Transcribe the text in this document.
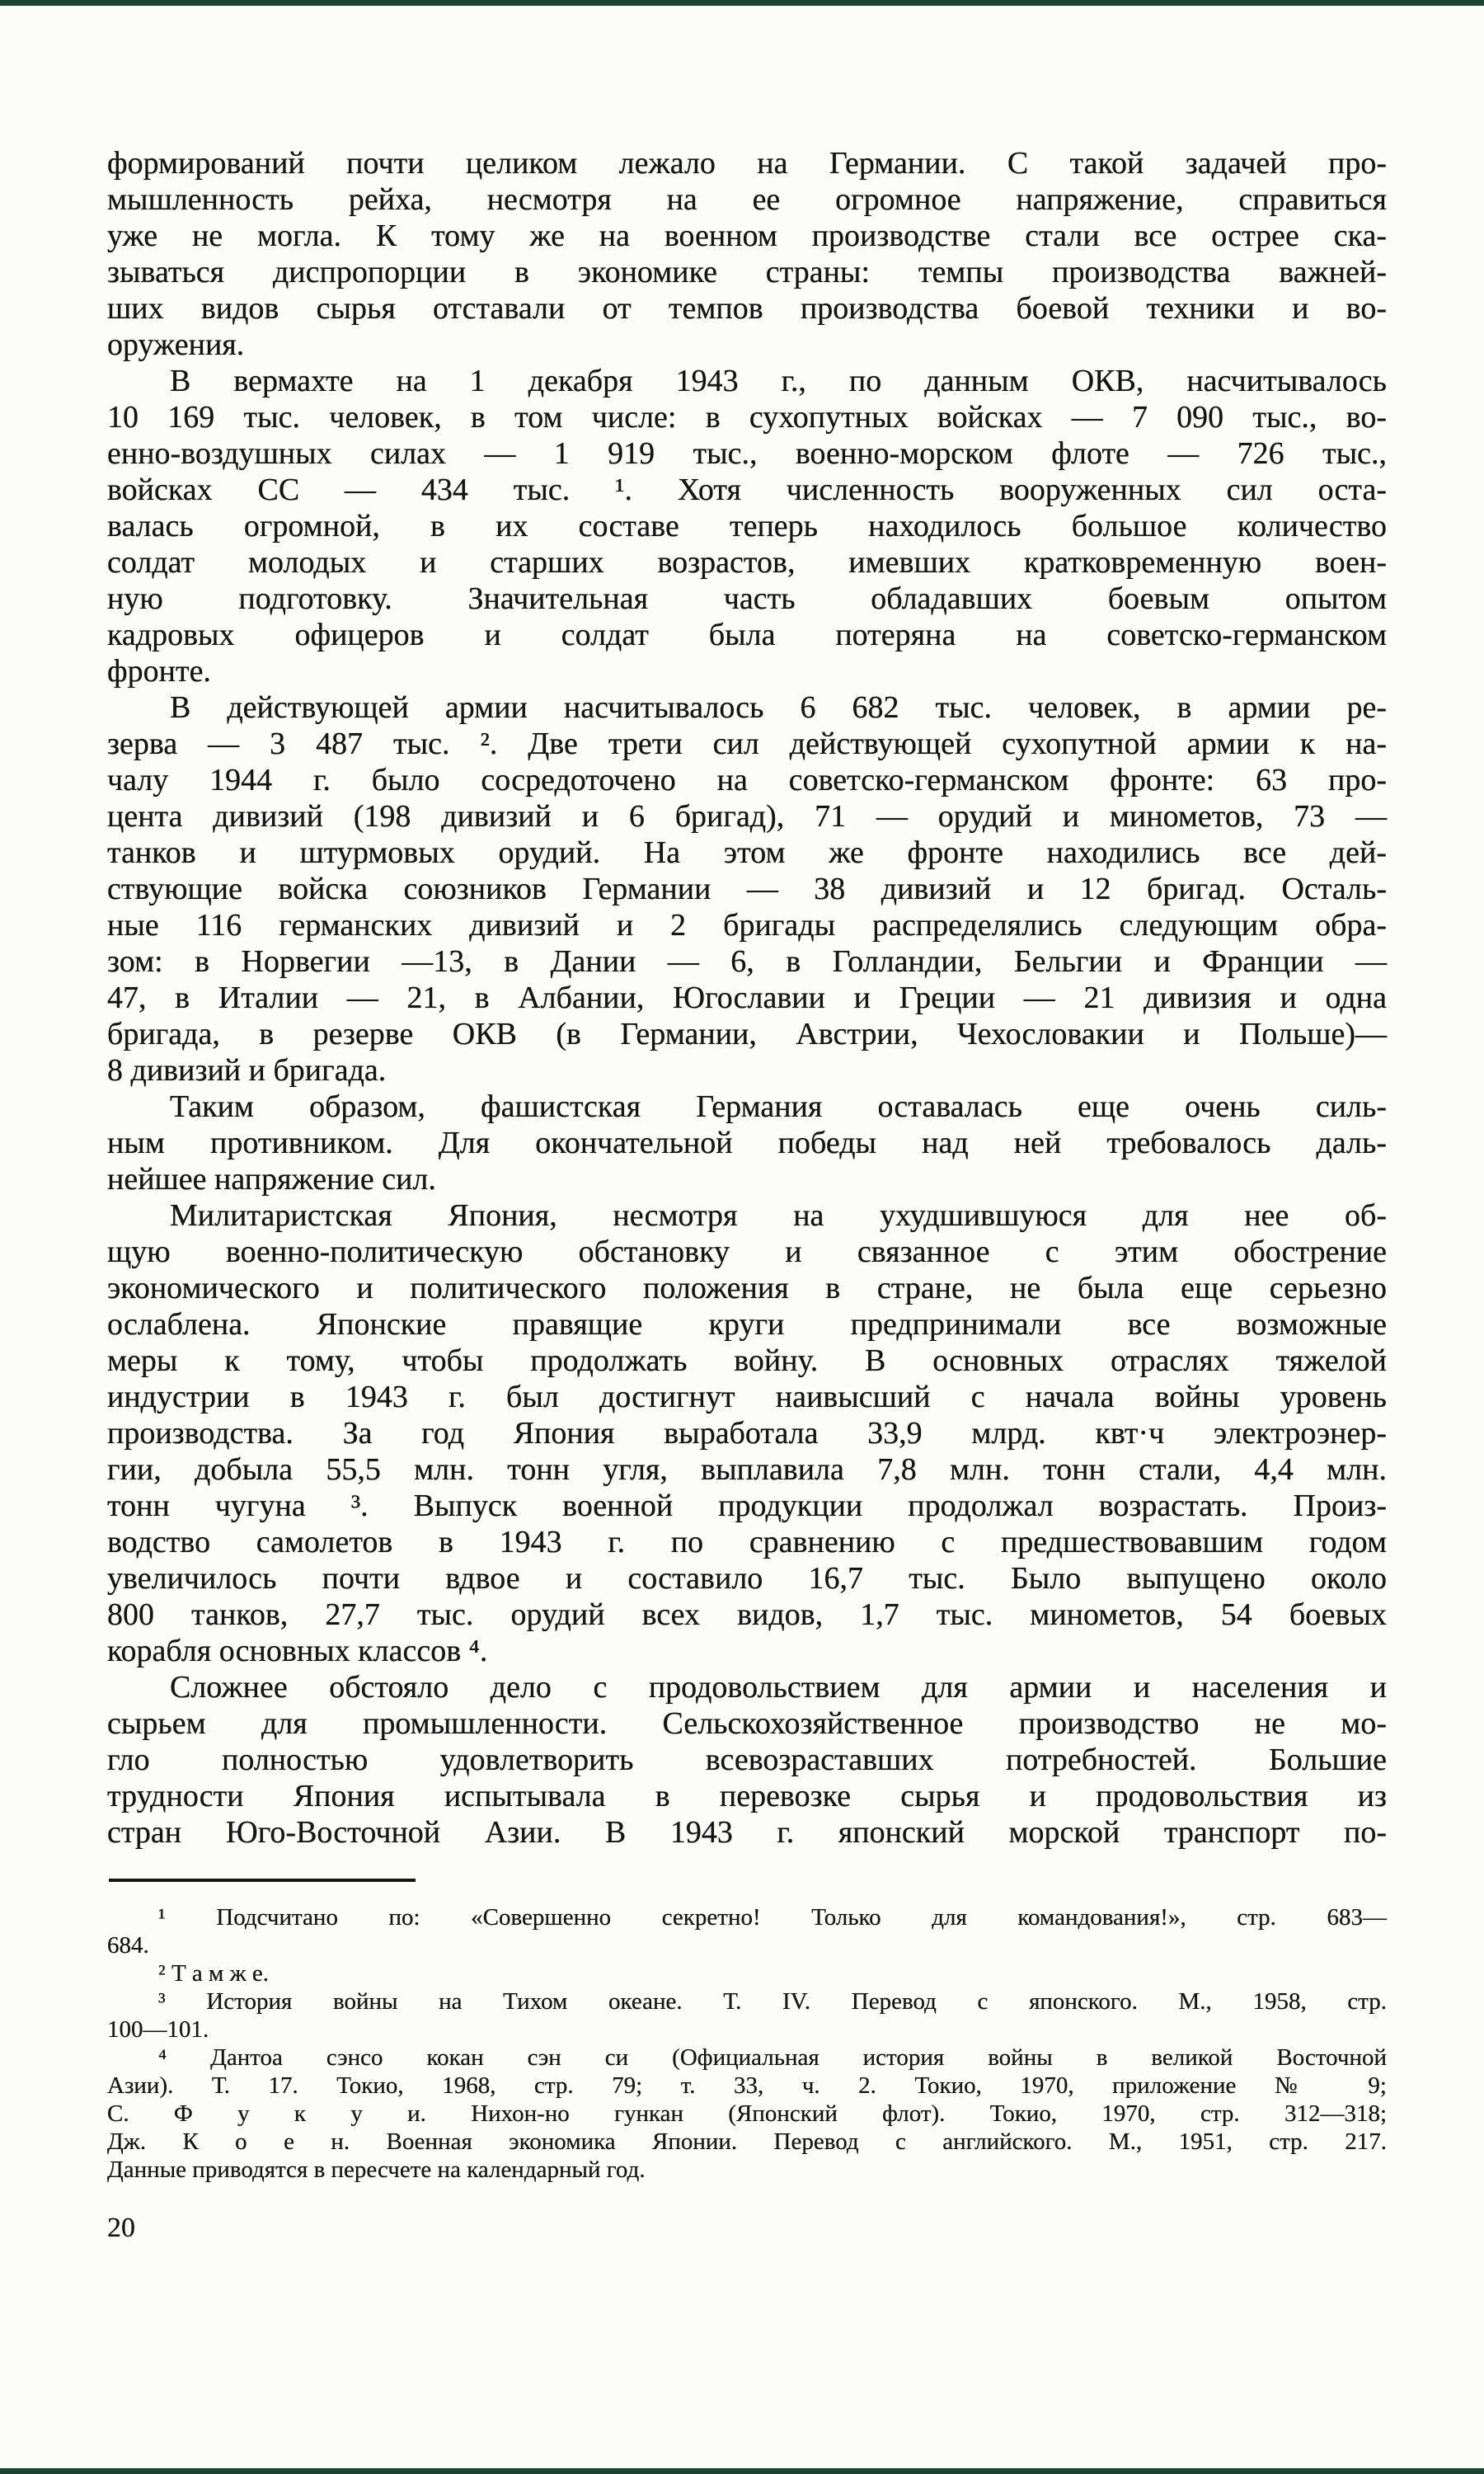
формирований почти целиком лежало на Германии. С такой задачей про-
мышленность рейха, несмотря на ее огромное напряжение, справиться
уже не могла. К тому же на военном производстве стали все острее ска-
зываться диспропорции в экономике страны: темпы производства важней-
ших видов сырья отставали от темпов производства боевой техники и во-
оружения.
В вермахте на 1 декабря 1943 г., по данным ОКВ, насчитывалось
10 169 тыс. человек, в том числе: в сухопутных войсках — 7 090 тыс., во-
енно-воздушных силах — 1 919 тыс., военно-морском флоте — 726 тыс.,
войсках СС — 434 тыс. ¹. Хотя численность вооруженных сил оста-
валась огромной, в их составе теперь находилось большое количество
солдат молодых и старших возрастов, имевших кратковременную воен-
ную подготовку. Значительная часть обладавших боевым опытом
кадровых офицеров и солдат была потеряна на советско-германском
фронте.
В действующей армии насчитывалось 6 682 тыс. человек, в армии ре-
зерва — 3 487 тыс. ². Две трети сил действующей сухопутной армии к на-
чалу 1944 г. было сосредоточено на советско-германском фронте: 63 про-
цента дивизий (198 дивизий и 6 бригад), 71 — орудий и минометов, 73 —
танков и штурмовых орудий. На этом же фронте находились все дей-
ствующие войска союзников Германии — 38 дивизий и 12 бригад. Осталь-
ные 116 германских дивизий и 2 бригады распределялись следующим обра-
зом: в Норвегии —13, в Дании — 6, в Голландии, Бельгии и Франции —
47, в Италии — 21, в Албании, Югославии и Греции — 21 дивизия и одна
бригада, в резерве ОКВ (в Германии, Австрии, Чехословакии и Польше)—
8 дивизий и бригада.
Таким образом, фашистская Германия оставалась еще очень силь-
ным противником. Для окончательной победы над ней требовалось даль-
нейшее напряжение сил.
Милитаристская Япония, несмотря на ухудшившуюся для нее об-
щую военно-политическую обстановку и связанное с этим обострение
экономического и политического положения в стране, не была еще серьезно
ослаблена. Японские правящие круги предпринимали все возможные
меры к тому, чтобы продолжать войну. В основных отраслях тяжелой
индустрии в 1943 г. был достигнут наивысший с начала войны уровень
производства. За год Япония выработала 33,9 млрд. квт·ч электроэнер-
гии, добыла 55,5 млн. тонн угля, выплавила 7,8 млн. тонн стали, 4,4 млн.
тонн чугуна ³. Выпуск военной продукции продолжал возрастать. Произ-
водство самолетов в 1943 г. по сравнению с предшествовавшим годом
увеличилось почти вдвое и составило 16,7 тыс. Было выпущено около
800 танков, 27,7 тыс. орудий всех видов, 1,7 тыс. минометов, 54 боевых
корабля основных классов ⁴.
Сложнее обстояло дело с продовольствием для армии и населения и
сырьем для промышленности. Сельскохозяйственное производство не мо-
гло полностью удовлетворить всевозраставших потребностей. Большие
трудности Япония испытывала в перевозке сырья и продовольствия из
стран Юго-Восточной Азии. В 1943 г. японский морской транспорт по-
¹ Подсчитано по: «Совершенно секретно! Только для командования!», стр. 683—
684.
² Т а м ж е.
³ История войны на Тихом океане. Т. IV. Перевод с японского. М., 1958, стр.
100—101.
⁴ Дантоа сэнсо кокан сэн си (Официальная история войны в великой Восточной
Азии). Т. 17. Токио, 1968, стр. 79; т. 33, ч. 2. Токио, 1970, приложение № 9;
С. Ф у к у и. Нихон-но гункан (Японский флот). Токио, 1970, стр. 312—318;
Дж. К о е н. Военная экономика Японии. Перевод с английского. М., 1951, стр. 217.
Данные приводятся в пересчете на календарный год.
20
